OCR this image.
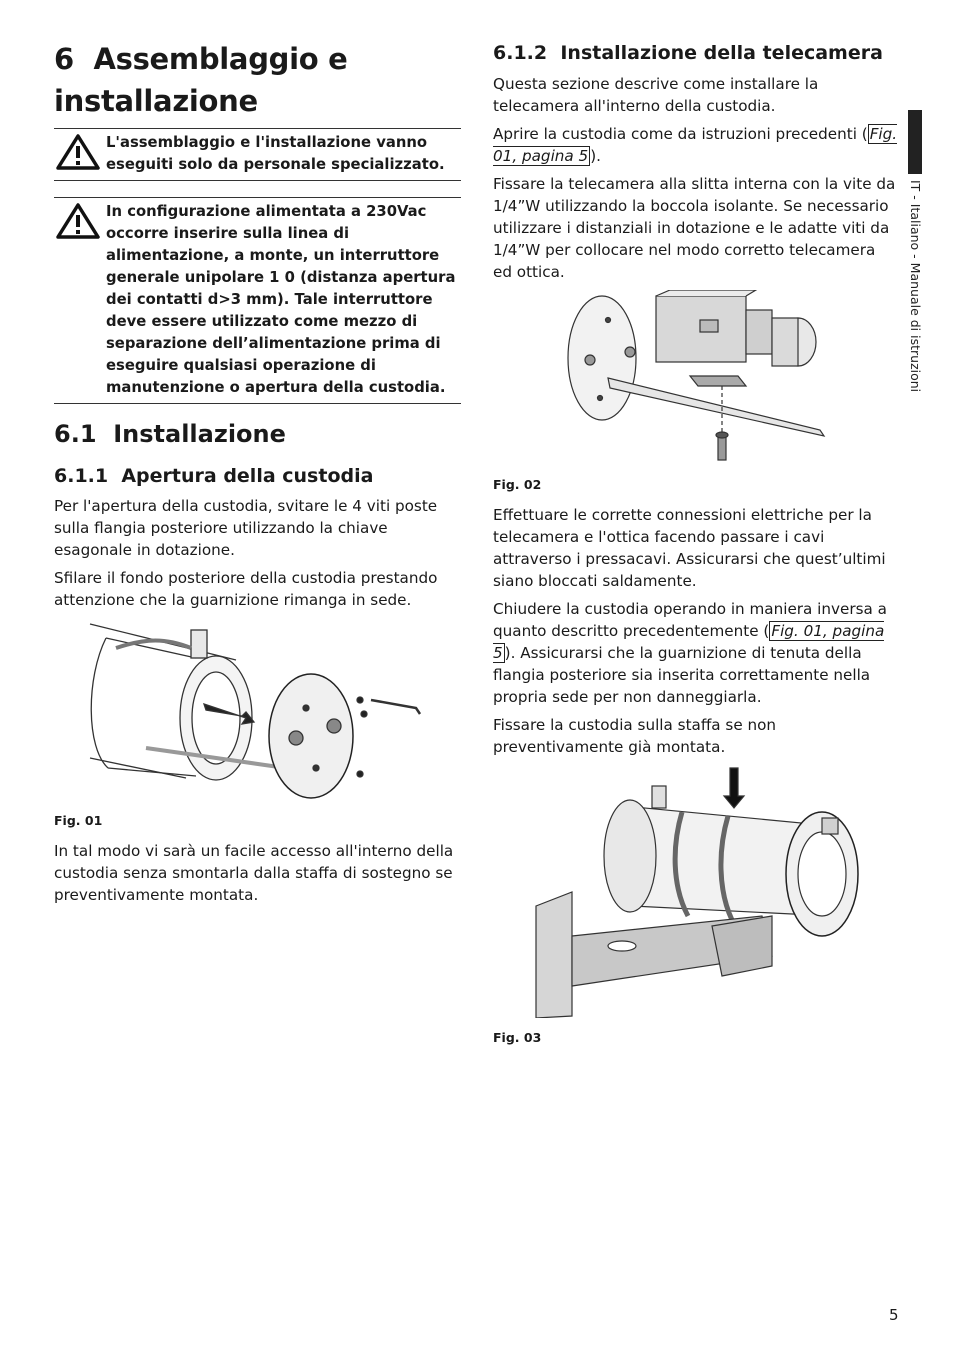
6 Assemblaggio e
installazione
L'assemblaggio e l'installazione vanno eseguiti solo da personale specializzato.
In configurazione alimentata a 230Vac occorre inserire sulla linea di alimentazione, a monte, un interruttore generale unipolare 1 0 (distanza apertura dei contatti d>3 mm). Tale interruttore deve essere utilizzato come mezzo di separazione dell’alimentazione prima di eseguire qualsiasi operazione di manutenzione o apertura della custodia.
6.1 Installazione
6.1.1 Apertura della custodia

Per l'apertura della custodia, svitare le 4 viti poste sulla flangia posteriore utilizzando la chiave esagonale in dotazione.

Sfilare il fondo posteriore della custodia prestando attenzione che la guarnizione rimanga in sede.

Fig. 01

In tal modo vi sarà un facile accesso all'interno della custodia senza smontarla dalla staffa di sostegno se preventivamente montata.

6.1.2 Installazione della telecamera

Questa sezione descrive come installare la telecamera all'interno della custodia.

Aprire la custodia come da istruzioni precedenti ( Fig. 01, pagina 5 ).

Fissare la telecamera alla slitta interna con la vite da 1/4”W utilizzando la boccola isolante. Se necessario utilizzare i distanziali in dotazione e le adatte viti da 1/4”W per collocare nel modo corretto telecamera ed ottica.

Fig. 02

Effettuare le corrette connessioni elettriche per la telecamera e l'ottica facendo passare i cavi attraverso i pressacavi. Assicurarsi che quest’ultimi siano bloccati saldamente.

Chiudere la custodia operando in maniera inversa a quanto descritto precedentemente ( Fig. 01, pagina 5 ). Assicurarsi che la guarnizione di tenuta della flangia posteriore sia inserita correttamente nella propria sede per non danneggiarla.

Fissare la custodia sulla staffa se non preventivamente già montata.

Fig. 03
IT - Italiano - Manuale di istruzioni
5
